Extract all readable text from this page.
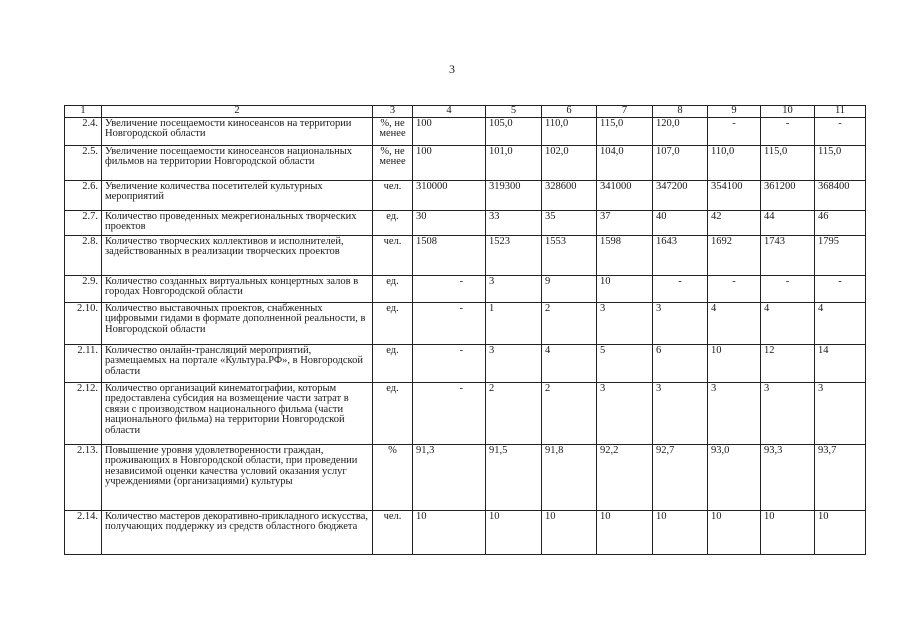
3
1	2	3	4	5	6	7	8	9	10	11
2.4.	Увеличение посещаемости киносеансов на территории Новгородской области	%, не менее	100	105,0	110,0	115,0	120,0	-	-	-
2.5.	Увеличение посещаемости киносеансов национальных фильмов на территории Новгородской области	%, не менее	100	101,0	102,0	104,0	107,0	110,0	115,0	115,0
2.6.	Увеличение количества посетителей культурных мероприятий	чел.	310000	319300	328600	341000	347200	354100	361200	368400
2.7.	Количество проведенных межрегиональных творческих проектов	ед.	30	33	35	37	40	42	44	46
2.8.	Количество творческих коллективов и исполнителей, задействованных в реализации творческих проектов	чел.	1508	1523	1553	1598	1643	1692	1743	1795
2.9.	Количество созданных виртуальных концертных залов в городах Новгородской области	ед.	-	3	9	10	-	-	-	-
2.10.	Количество выставочных проектов, снабженных цифровыми гидами в формате дополненной реальности, в Новгородской области	ед.	-	1	2	3	3	4	4	4
2.11.	Количество онлайн-трансляций мероприятий, размещаемых на портале «Культура.РФ», в Новгородской области	ед.	-	3	4	5	6	10	12	14
2.12.	Количество организаций кинематографии, которым предоставлена субсидия на возмещение части затрат в связи с производством национального фильма (части национального фильма) на территории Новгородской области	ед.	-	2	2	3	3	3	3	3
2.13.	Повышение уровня удовлетворенности граждан, проживающих в Новгородской области, при проведении независимой оценки качества условий оказания услуг учреждениями (организациями) культуры	%	91,3	91,5	91,8	92,2	92,7	93,0	93,3	93,7
2.14.	Количество мастеров декоративно-прикладного искусства, получающих поддержку из средств областного бюджета	чел.	10	10	10	10	10	10	10	10
